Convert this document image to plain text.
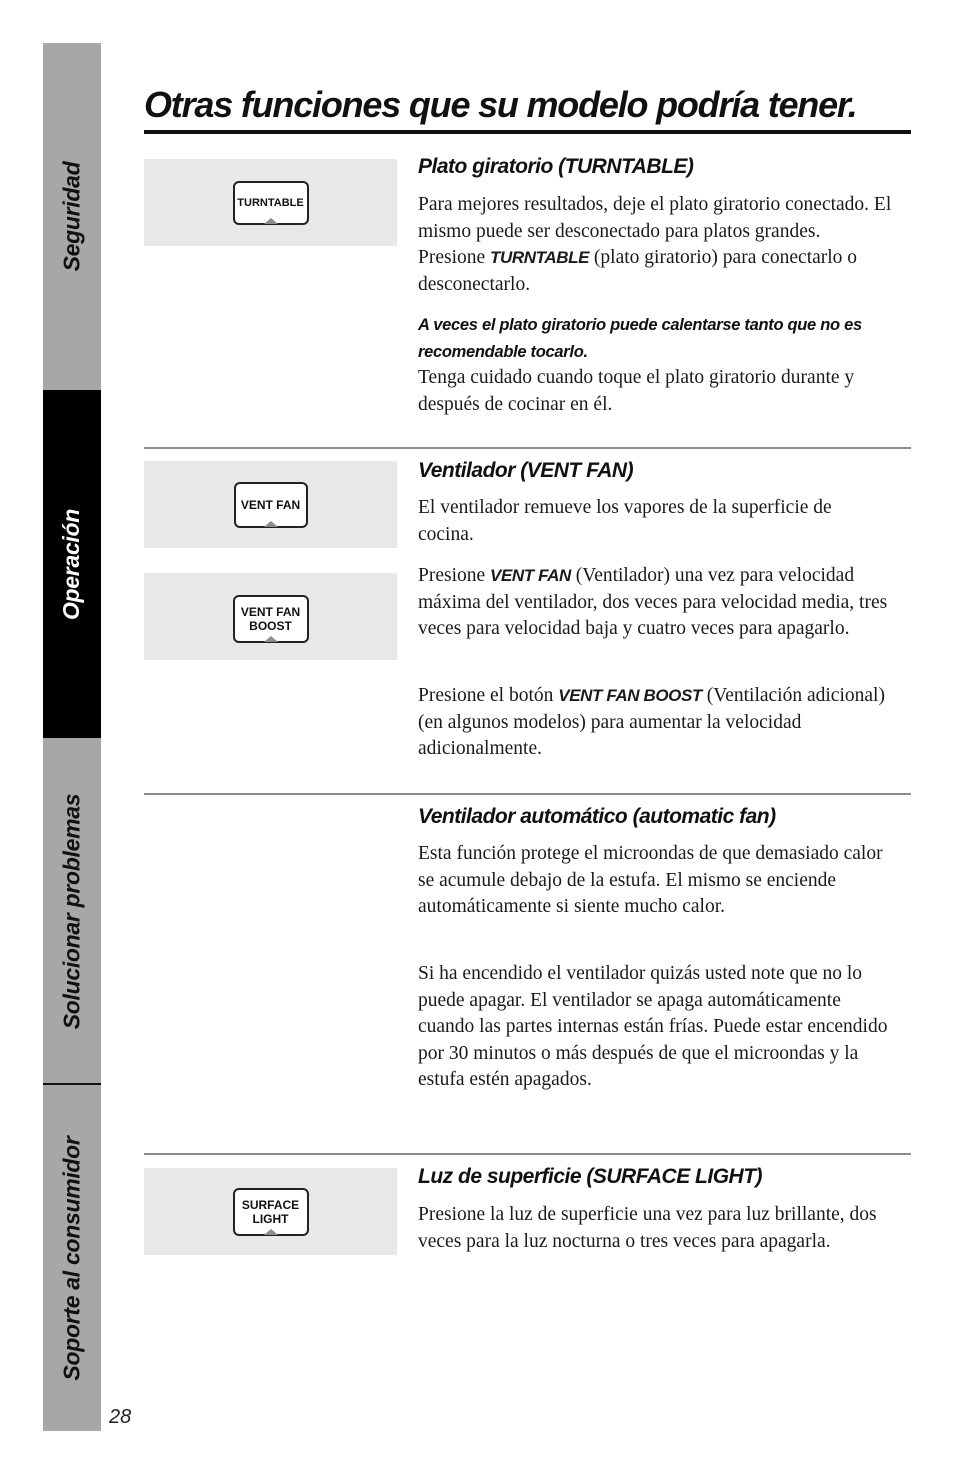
Seguridad
Operación
Solucionar problemas
Soporte al consumidor
Otras funciones que su modelo podría tener.
TURNTABLE
Plato giratorio (TURNTABLE)

Para mejores resultados, deje el plato giratorio conectado. El mismo puede ser desconectado para platos grandes. Presione TURNTABLE (plato giratorio) para conectarlo o desconectarlo.

A veces el plato giratorio puede calentarse tanto que no es recomendable tocarlo.

Tenga cuidado cuando toque el plato giratorio durante y después de cocinar en él.

VENT FAN
VENT FAN
BOOST
Ventilador (VENT FAN)

El ventilador remueve los vapores de la superficie de cocina.

Presione VENT FAN (Ventilador) una vez para velocidad máxima del ventilador, dos veces para velocidad media, tres veces para velocidad baja y cuatro veces para apagarlo.

Presione el botón VENT FAN BOOST (Ventilación adicional) (en algunos modelos) para aumentar la velocidad adicionalmente.

Ventilador automático (automatic fan)

Esta función protege el microondas de que demasiado calor se acumule debajo de la estufa. El mismo se enciende automáticamente si siente mucho calor.

Si ha encendido el ventilador quizás usted note que no lo puede apagar. El ventilador se apaga automáticamente cuando las partes internas están frías. Puede estar encendido por 30 minutos o más después de que el microondas y la estufa estén apagados.

SURFACE
LIGHT
Luz de superficie (SURFACE LIGHT)

Presione la luz de superficie una vez para luz brillante, dos veces para la luz nocturna o tres veces para apagarla.

28
